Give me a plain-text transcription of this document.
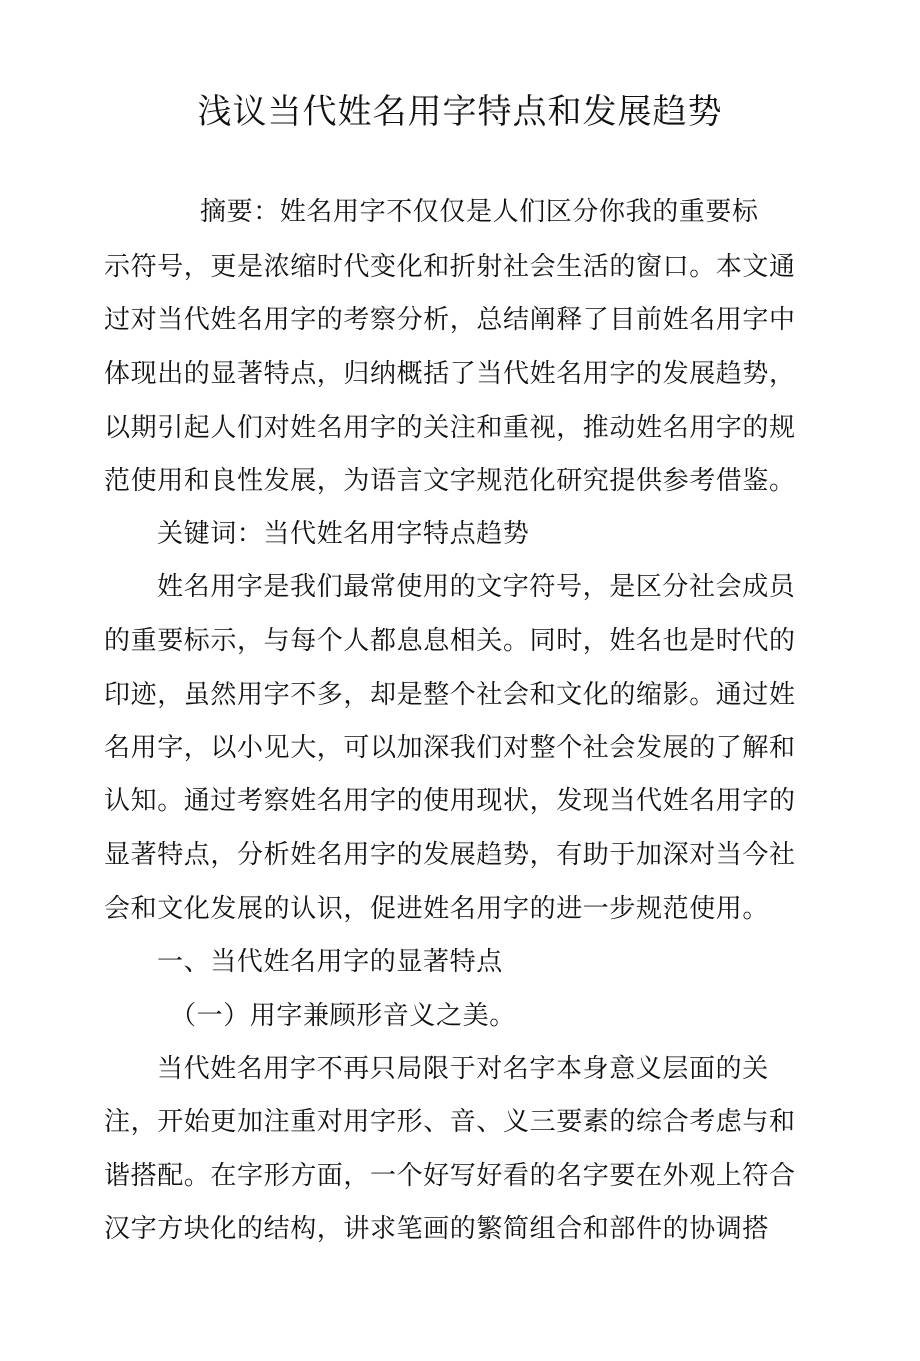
浅议当代姓名用字特点和发展趋势
摘要：姓名用字不仅仅是人们区分你我的重要标
示符号，更是浓缩时代变化和折射社会生活的窗口。本文通
过对当代姓名用字的考察分析，总结阐释了目前姓名用字中
体现出的显著特点，归纳概括了当代姓名用字的发展趋势，
以期引起人们对姓名用字的关注和重视，推动姓名用字的规
范使用和良性发展，为语言文字规范化研究提供参考借鉴。
关键词：当代姓名用字特点趋势
姓名用字是我们最常使用的文字符号，是区分社会成员
的重要标示，与每个人都息息相关。同时，姓名也是时代的
印迹，虽然用字不多，却是整个社会和文化的缩影。通过姓
名用字，以小见大，可以加深我们对整个社会发展的了解和
认知。通过考察姓名用字的使用现状，发现当代姓名用字的
显著特点，分析姓名用字的发展趋势，有助于加深对当今社
会和文化发展的认识，促进姓名用字的进一步规范使用。
一、当代姓名用字的显著特点
（一）用字兼顾形音义之美。
当代姓名用字不再只局限于对名字本身意义层面的关
注，开始更加注重对用字形、音、义三要素的综合考虑与和
谐搭配。在字形方面，一个好写好看的名字要在外观上符合
汉字方块化的结构，讲求笔画的繁简组合和部件的协调搭
